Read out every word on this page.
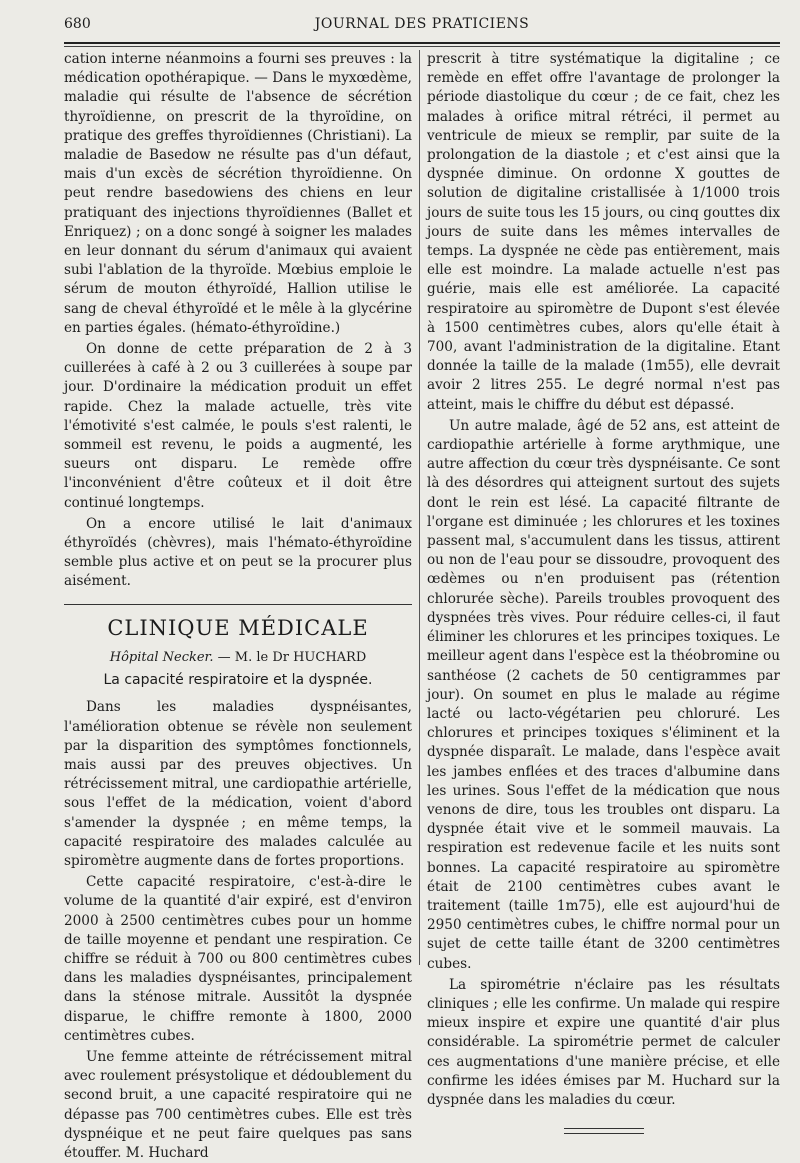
680	JOURNAL DES PRATICIENS

cation interne néanmoins a fourni ses preuves : la médication opothérapique. — Dans le myxœdème, maladie qui résulte de l'absence de sécrétion thyroïdienne, on prescrit de la thyroïdine, on pratique des greffes thyroïdiennes (Christiani). La maladie de Basedow ne résulte pas d'un défaut, mais d'un excès de sécrétion thyroïdienne. On peut rendre basedowiens des chiens en leur pratiquant des injections thyroïdiennes (Ballet et Enriquez) ; on a donc songé à soigner les malades en leur donnant du sérum d'animaux qui avaient subi l'ablation de la thyroïde. Mœbius emploie le sérum de mouton éthyroïdé, Hallion utilise le sang de cheval éthyroïdé et le mêle à la glycérine en parties égales. (hémato-éthyroïdine.)

On donne de cette préparation de 2 à 3 cuillerées à café à 2 ou 3 cuillerées à soupe par jour. D'ordinaire la médication produit un effet rapide. Chez la malade actuelle, très vite l'émotivité s'est calmée, le pouls s'est ralenti, le sommeil est revenu, le poids a augmenté, les sueurs ont disparu. Le remède offre l'inconvénient d'être coûteux et il doit être continué longtemps.

On a encore utilisé le lait d'animaux éthyroïdés (chèvres), mais l'hémato-éthyroïdine semble plus active et on peut se la procurer plus aisément.

CLINIQUE MÉDICALE
Hôpital Necker. — M. le Dr HUCHARD
La capacité respiratoire et la dyspnée.

Dans les maladies dyspnéisantes, l'amélioration obtenue se révèle non seulement par la disparition des symptômes fonctionnels, mais aussi par des preuves objectives. Un rétrécissement mitral, une cardiopathie artérielle, sous l'effet de la médication, voient d'abord s'amender la dyspnée ; en même temps, la capacité respiratoire des malades calculée au spiromètre augmente dans de fortes proportions.

Cette capacité respiratoire, c'est-à-dire le volume de la quantité d'air expiré, est d'environ 2000 à 2500 centimètres cubes pour un homme de taille moyenne et pendant une respiration. Ce chiffre se réduit à 700 ou 800 centimètres cubes dans les maladies dyspnéisantes, principalement dans la sténose mitrale. Aussitôt la dyspnée disparue, le chiffre remonte à 1800, 2000 centimètres cubes.

Une femme atteinte de rétrécissement mitral avec roulement présystolique et dédoublement du second bruit, a une capacité respiratoire qui ne dépasse pas 700 centimètres cubes. Elle est très dyspnéique et ne peut faire quelques pas sans étouffer. M. Huchard

prescrit à titre systématique la digitaline ; ce remède en effet offre l'avantage de prolonger la période diastolique du cœur ; de ce fait, chez les malades à orifice mitral rétréci, il permet au ventricule de mieux se remplir, par suite de la prolongation de la diastole ; et c'est ainsi que la dyspnée diminue. On ordonne X gouttes de solution de digitaline cristallisée à 1/1000 trois jours de suite tous les 15 jours, ou cinq gouttes dix jours de suite dans les mêmes intervalles de temps. La dyspnée ne cède pas entièrement, mais elle est moindre. La malade actuelle n'est pas guérie, mais elle est améliorée. La capacité respiratoire au spiromètre de Dupont s'est élevée à 1500 centimètres cubes, alors qu'elle était à 700, avant l'administration de la digitaline. Etant donnée la taille de la malade (1m55), elle devrait avoir 2 litres 255. Le degré normal n'est pas atteint, mais le chiffre du début est dépassé.

Un autre malade, âgé de 52 ans, est atteint de cardiopathie artérielle à forme arythmique, une autre affection du cœur très dyspnéisante. Ce sont là des désordres qui atteignent surtout des sujets dont le rein est lésé. La capacité filtrante de l'organe est diminuée ; les chlorures et les toxines passent mal, s'accumulent dans les tissus, attirent ou non de l'eau pour se dissoudre, provoquent des œdèmes ou n'en produisent pas (rétention chlorurée sèche). Pareils troubles provoquent des dyspnées très vives. Pour réduire celles-ci, il faut éliminer les chlorures et les principes toxiques. Le meilleur agent dans l'espèce est la théobromine ou santhéose (2 cachets de 50 centigrammes par jour). On soumet en plus le malade au régime lacté ou lacto-végétarien peu chloruré. Les chlorures et principes toxiques s'éliminent et la dyspnée disparaît. Le malade, dans l'espèce avait les jambes enflées et des traces d'albumine dans les urines. Sous l'effet de la médication que nous venons de dire, tous les troubles ont disparu. La dyspnée était vive et le sommeil mauvais. La respiration est redevenue facile et les nuits sont bonnes. La capacité respiratoire au spiromètre était de 2100 centimètres cubes avant le traitement (taille 1m75), elle est aujourd'hui de 2950 centimètres cubes, le chiffre normal pour un sujet de cette taille étant de 3200 centimètres cubes.

La spirométrie n'éclaire pas les résultats cliniques ; elle les confirme. Un malade qui respire mieux inspire et expire une quantité d'air plus considérable. La spirométrie permet de calculer ces augmentations d'une manière précise, et elle confirme les idées émises par M. Huchard sur la dyspnée dans les maladies du cœur.
